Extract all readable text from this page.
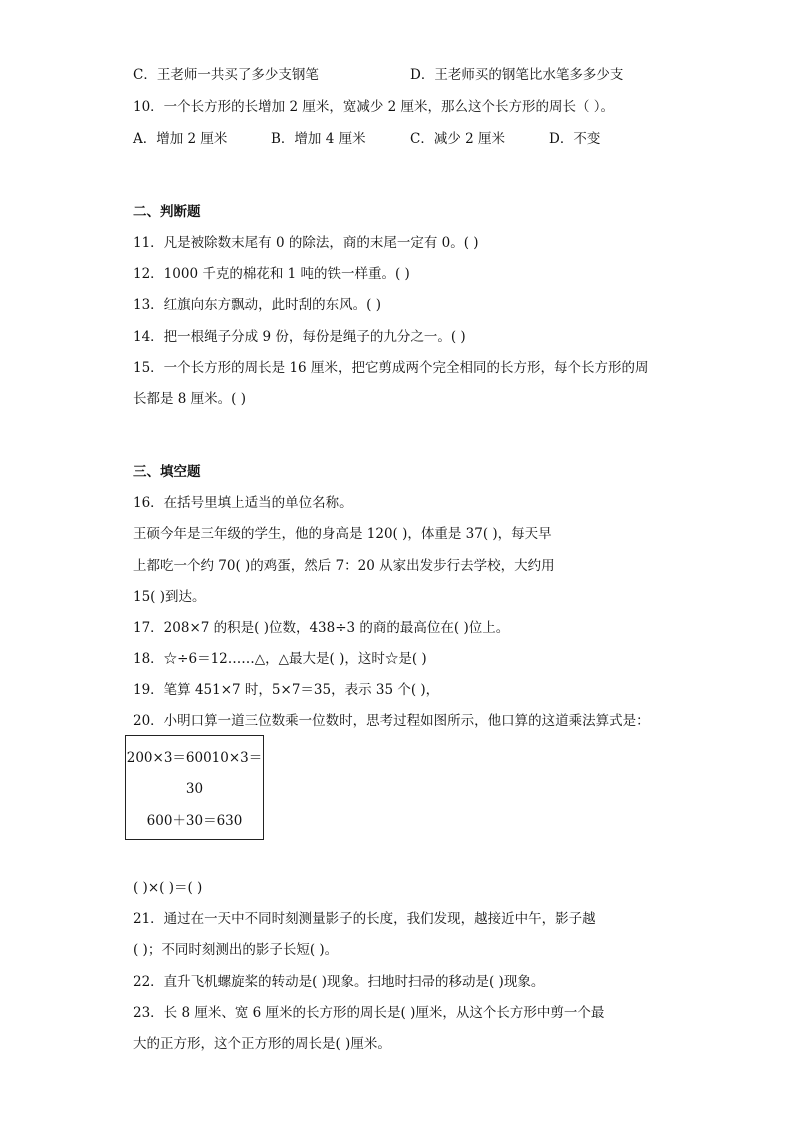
C．王老师一共买了多少支钢笔	D．王老师买的钢笔比水笔多多少支
10．一个长方形的长增加 2 厘米，宽减少 2 厘米，那么这个长方形的周长（ ）。
A．增加 2 厘米	B．增加 4 厘米	C．减少 2 厘米	D．不变
二、判断题
11．凡是被除数末尾有 0 的除法，商的末尾一定有 0。( )
12．1000 千克的棉花和 1 吨的铁一样重。( )
13．红旗向东方飘动，此时刮的东风。( )
14．把一根绳子分成 9 份，每份是绳子的九分之一。( )
15．一个长方形的周长是 16 厘米，把它剪成两个完全相同的长方形，每个长方形的周
长都是 8 厘米。( )
三、填空题
16．在括号里填上适当的单位名称。
王硕今年是三年级的学生，他的身高是 120( )，体重是 37( )，每天早
上都吃一个约 70( )的鸡蛋，然后 7：20 从家出发步行去学校，大约用
15( )到达。
17．208×7 的积是( )位数，438÷3 的商的最高位在( )位上。
18．☆÷6＝12……△，△最大是( )，这时☆是( )
19．笔算 451×7 时，5×7＝35，表示 35 个( )，
20．小明口算一道三位数乘一位数时，思考过程如图所示，他口算的这道乘法算式是：
200×3＝60010×3＝
30
600＋30＝630
( )×( )＝( )
21．通过在一天中不同时刻测量影子的长度，我们发现，越接近中午，影子越
( )；不同时刻测出的影子长短( )。
22．直升飞机螺旋桨的转动是( )现象。扫地时扫帚的移动是( )现象。
23．长 8 厘米、宽 6 厘米的长方形的周长是( )厘米，从这个长方形中剪一个最
大的正方形，这个正方形的周长是( )厘米。
